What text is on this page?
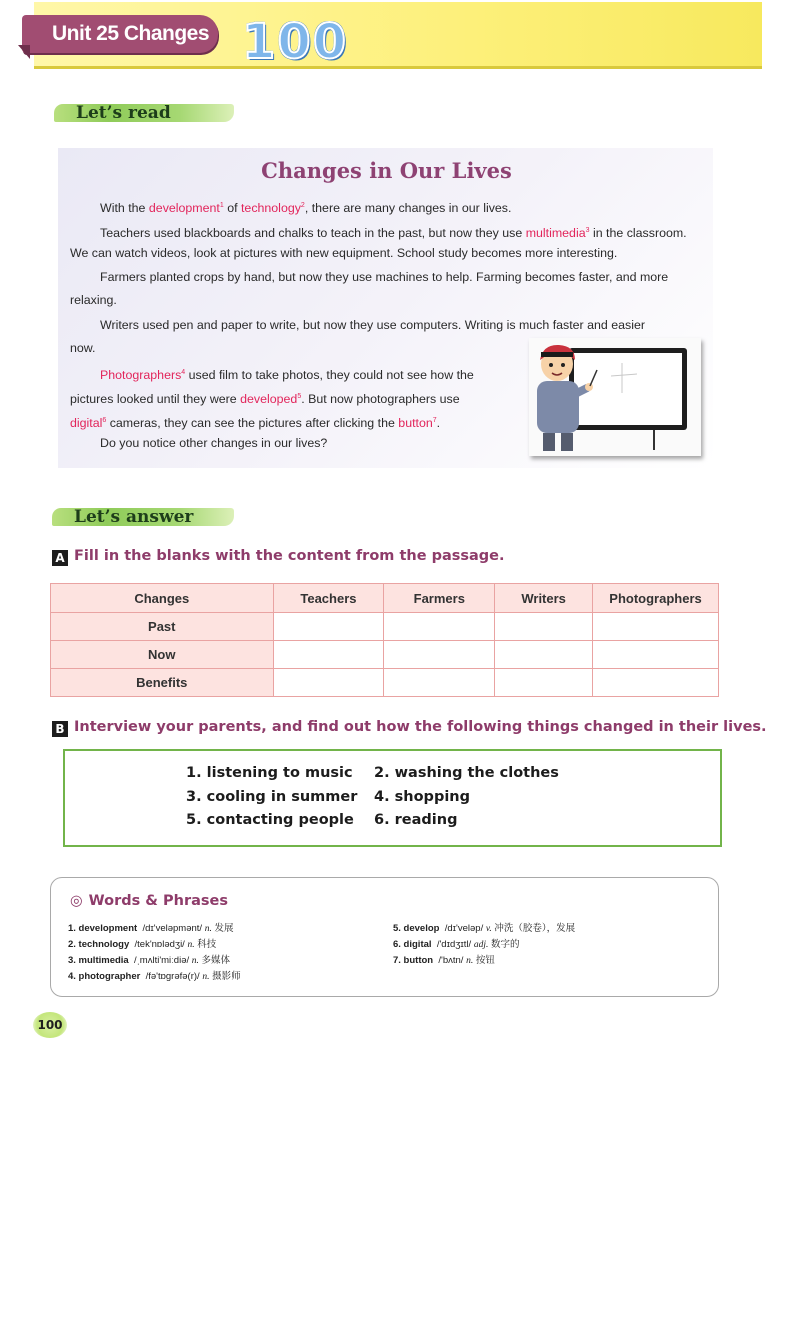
Unit 25 Changes 100
Let’s read
Changes in Our Lives
With the development$^1$ of technology$^2$, there are many changes in our lives.
Teachers used blackboards and chalks to teach in the past, but now they use multimedia$^3$ in the classroom.
We can watch videos, look at pictures with new equipment. School study becomes more interesting.
Farmers planted crops by hand, but now they use machines to help. Farming becomes faster, and more
relaxing.
Writers used pen and paper to write, but now they use computers. Writing is much faster and easier
now.
Photographers$^4$ used film to take photos, they could not see how the
pictures looked until they were developed$^5$. But now photographers use
digital$^6$ cameras, they can see the pictures after clicking the button$^7$.
Do you notice other changes in our lives?
Let’s answer
A Fill in the blanks with the content from the passage.
Changes	Teachers	Farmers	Writers	Photographers
Past				
Now				
Benefits				
B Interview your parents, and find out how the following things changed in their lives.
1. listening to music 2. washing the clothes
3. cooling in summer 4. shopping
5. contacting people 6. reading
◎ Words & Phrases
1. development /dɪ'veləpmənt/ n. 发展
2. technology /tek'nɒlədʒi/ n. 科技
3. multimedia /ˌmʌlti'miːdiə/ n. 多媒体
4. photographer /fə'tɒgrəfə(r)/ n. 摄影师
5. develop /dɪ'veləp/ v. 冲洗（胶卷），发展
6. digital /'dɪdʒɪtl/ adj. 数字的
7. button /'bʌtn/ n. 按钮
100
